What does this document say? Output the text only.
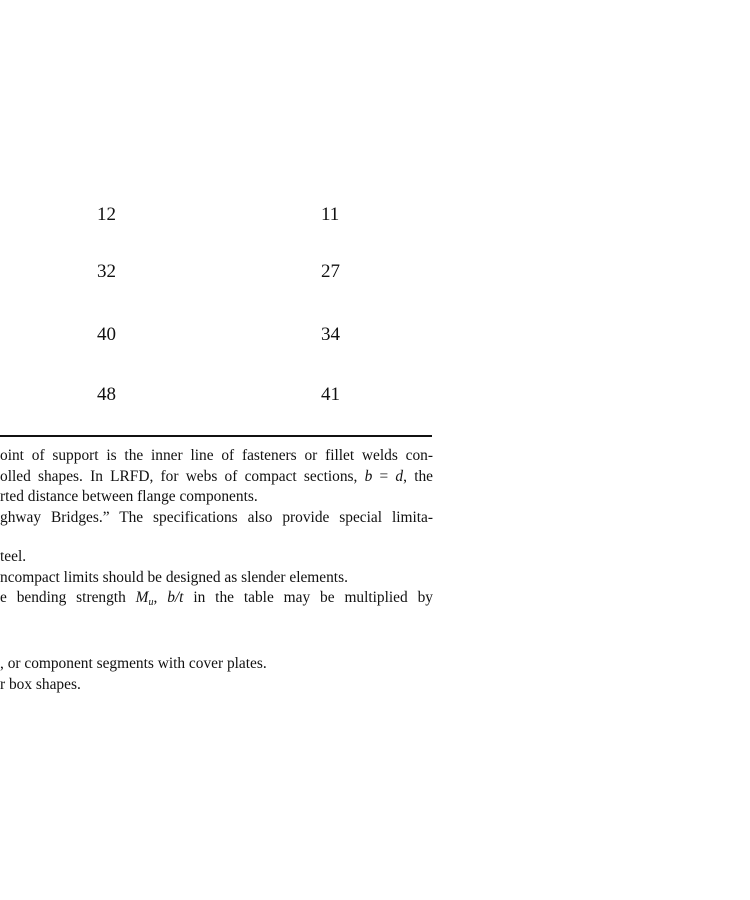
12	11
32	27
40	34
48	41
oint of support is the inner line of fasteners or fillet welds con-
olled shapes. In LRFD, for webs of compact sections, b = d, the
rted distance between flange components.
ghway Bridges.” The specifications also provide special limita-
teel.
ncompact limits should be designed as slender elements.
e bending strength $M_u$, b/t in the table may be multiplied by
, or component segments with cover plates.
r box shapes.
